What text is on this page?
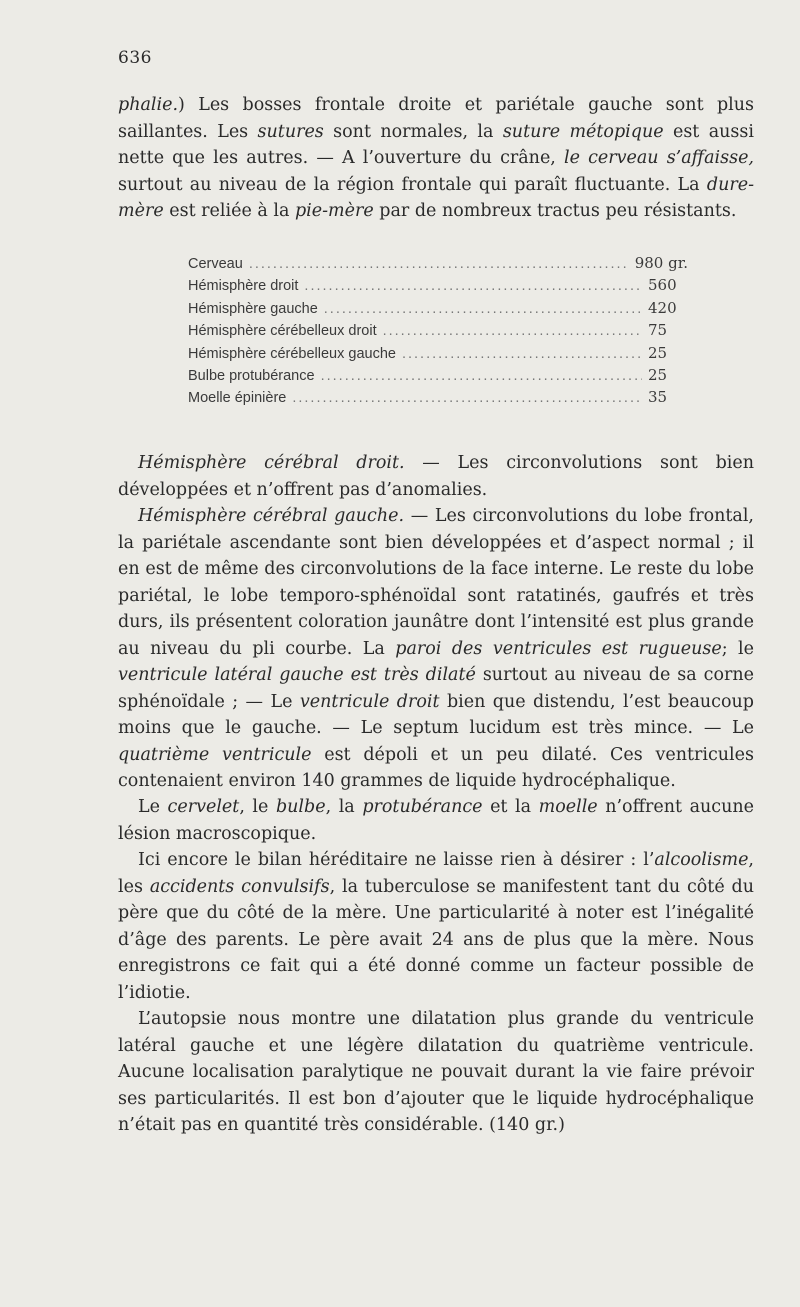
636

phalie.) Les bosses frontale droite et pariétale gauche sont plus saillantes. Les sutures sont normales, la suture métopique est aussi nette que les autres. — A l’ouverture du crâne, le cerveau s’affaisse, surtout au niveau de la région frontale qui paraît fluctuante. La dure-mère est reliée à la pie-mère par de nombreux tractus peu résistants.

Cerveau .....	980 gr.
Hémisphère droit .....	560
Hémisphère gauche .....	420
Hémisphère cérébelleux droit .....	75
Hémisphère cérébelleux gauche .....	25
Bulbe protubérance .....	25
Moelle épinière .....	35

Hémisphère cérébral droit. — Les circonvolutions sont bien développées et n’offrent pas d’anomalies.

Hémisphère cérébral gauche. — Les circonvolutions du lobe frontal, la pariétale ascendante sont bien développées et d’aspect normal ; il en est de même des circonvolutions de la face interne. Le reste du lobe pariétal, le lobe temporo-sphénoïdal sont ratatinés, gaufrés et très durs, ils présentent coloration jaunâtre dont l’intensité est plus grande au niveau du pli courbe. La paroi des ventricules est rugueuse; le ventricule latéral gauche est très dilaté surtout au niveau de sa corne sphénoïdale ; — Le ventricule droit bien que distendu, l’est beaucoup moins que le gauche. — Le septum lucidum est très mince. — Le quatrième ventricule est dépoli et un peu dilaté. Ces ventricules contenaient environ 140 grammes de liquide hydrocéphalique.

Le cervelet, le bulbe, la protubérance et la moelle n’offrent aucune lésion macroscopique.

Ici encore le bilan héréditaire ne laisse rien à désirer : l’alcoolisme, les accidents convulsifs, la tuberculose se manifestent tant du côté du père que du côté de la mère. Une particularité à noter est l’inégalité d’âge des parents. Le père avait 24 ans de plus que la mère. Nous enregistrons ce fait qui a été donné comme un facteur possible de l’idiotie.

L’autopsie nous montre une dilatation plus grande du ventricule latéral gauche et une légère dilatation du quatrième ventricule. Aucune localisation paralytique ne pouvait durant la vie faire prévoir ses particularités. Il est bon d’ajouter que le liquide hydrocéphalique n’était pas en quantité très considérable. (140 gr.)
